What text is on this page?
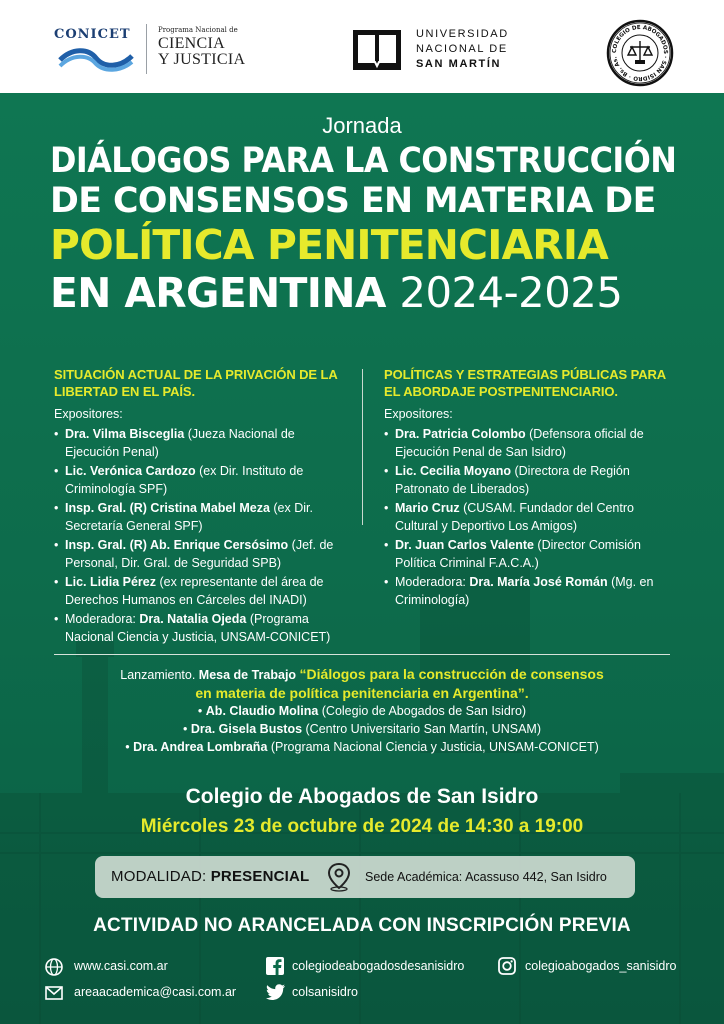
CONICET	Programa Nacional de
CIENCIA
Y JUSTICIA
UNIVERSIDAD
NACIONAL DE
SAN MARTÍN
COLEGIO DE ABOGADOS · SAN ISIDRO · Bs. As.
Jornada
DIÁLOGOS PARA LA CONSTRUCCIÓN
DE CONSENSOS EN MATERIA DE
POLÍTICA PENITENCIARIA
EN ARGENTINA 2024-2025
SITUACIÓN ACTUAL DE LA PRIVACIÓN DE LA LIBERTAD EN EL PAÍS.
Expositores:
• Dra. Vilma Bisceglia (Jueza Nacional de Ejecución Penal)
• Lic. Verónica Cardozo (ex Dir. Instituto de Criminología SPF)
• Insp. Gral. (R) Cristina Mabel Meza (ex Dir. Secretaría General SPF)
• Insp. Gral. (R) Ab. Enrique Cersósimo (Jef. de Personal, Dir. Gral. de Seguridad SPB)
• Lic. Lidia Pérez (ex representante del área de Derechos Humanos en Cárceles del INADI)
• Moderadora: Dra. Natalia Ojeda (Programa Nacional Ciencia y Justicia, UNSAM-CONICET)
POLÍTICAS Y ESTRATEGIAS PÚBLICAS PARA EL ABORDAJE POSTPENITENCIARIO.
Expositores:
• Dra. Patricia Colombo (Defensora oficial de Ejecución Penal de San Isidro)
• Lic. Cecilia Moyano (Directora de Región Patronato de Liberados)
• Mario Cruz (CUSAM. Fundador del Centro Cultural y Deportivo Los Amigos)
• Dr. Juan Carlos Valente (Director Comisión Política Criminal F.A.C.A.)
• Moderadora: Dra. María José Román (Mg. en Criminología)
Lanzamiento. Mesa de Trabajo “Diálogos para la construcción de consensos
en materia de política penitenciaria en Argentina”.
• Ab. Claudio Molina (Colegio de Abogados de San Isidro)
• Dra. Gisela Bustos (Centro Universitario San Martín, UNSAM)
• Dra. Andrea Lombraña (Programa Nacional Ciencia y Justicia, UNSAM-CONICET)
Colegio de Abogados de San Isidro
Miércoles 23 de octubre de 2024 de 14:30 a 19:00
MODALIDAD: PRESENCIAL	Sede Académica: Acassuso 442, San Isidro
ACTIVIDAD NO ARANCELADA CON INSCRIPCIÓN PREVIA
www.casi.com.ar
areaacademica@casi.com.ar
colegiodeabogadosdesanisidro
colsanisidro
colegioabogados_sanisidro
